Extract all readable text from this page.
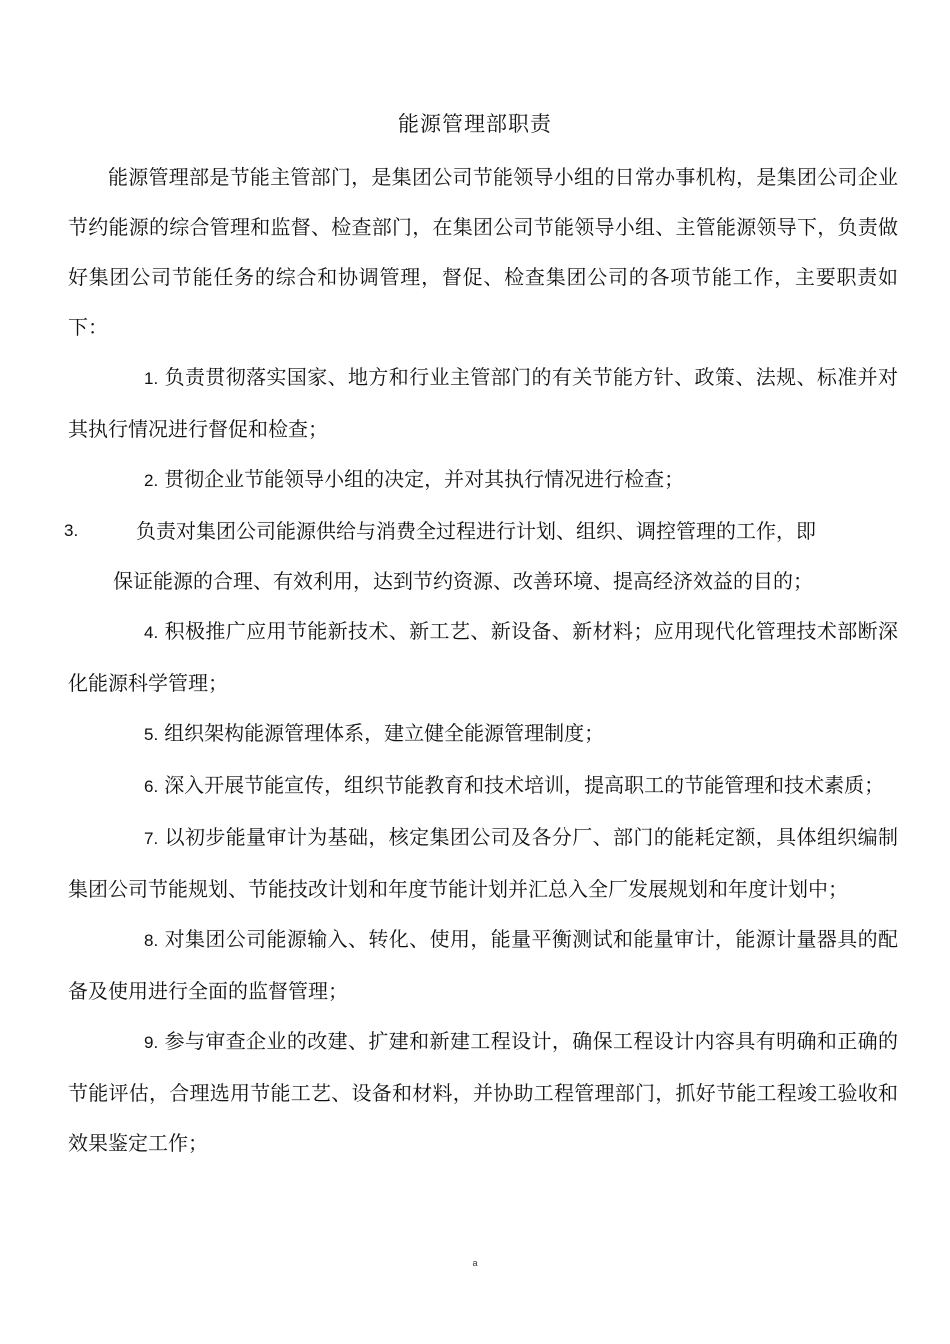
能源管理部职责

能源管理部是节能主管部门，是集团公司节能领导小组的日常办事机构，是集团公司企业节约能源的综合管理和监督、检查部门，在集团公司节能领导小组、主管能源领导下，负责做好集团公司节能任务的综合和协调管理，督促、检查集团公司的各项节能工作，主要职责如下：

1. 负责贯彻落实国家、地方和行业主管部门的有关节能方针、政策、法规、标准并对其执行情况进行督促和检查；

2. 贯彻企业节能领导小组的决定，并对其执行情况进行检查；

3.	负责对集团公司能源供给与消费全过程进行计划、组织、调控管理的工作，即
保证能源的合理、有效利用，达到节约资源、改善环境、提高经济效益的目的；

4. 积极推广应用节能新技术、新工艺、新设备、新材料；应用现代化管理技术部断深化能源科学管理；

5. 组织架构能源管理体系，建立健全能源管理制度；

6. 深入开展节能宣传，组织节能教育和技术培训，提高职工的节能管理和技术素质；

7. 以初步能量审计为基础，核定集团公司及各分厂、部门的能耗定额，具体组织编制集团公司节能规划、节能技改计划和年度节能计划并汇总入全厂发展规划和年度计划中；

8. 对集团公司能源输入、转化、使用，能量平衡测试和能量审计，能源计量器具的配备及使用进行全面的监督管理；

9. 参与审查企业的改建、扩建和新建工程设计，确保工程设计内容具有明确和正确的节能评估，合理选用节能工艺、设备和材料，并协助工程管理部门，抓好节能工程竣工验收和效果鉴定工作；

a
